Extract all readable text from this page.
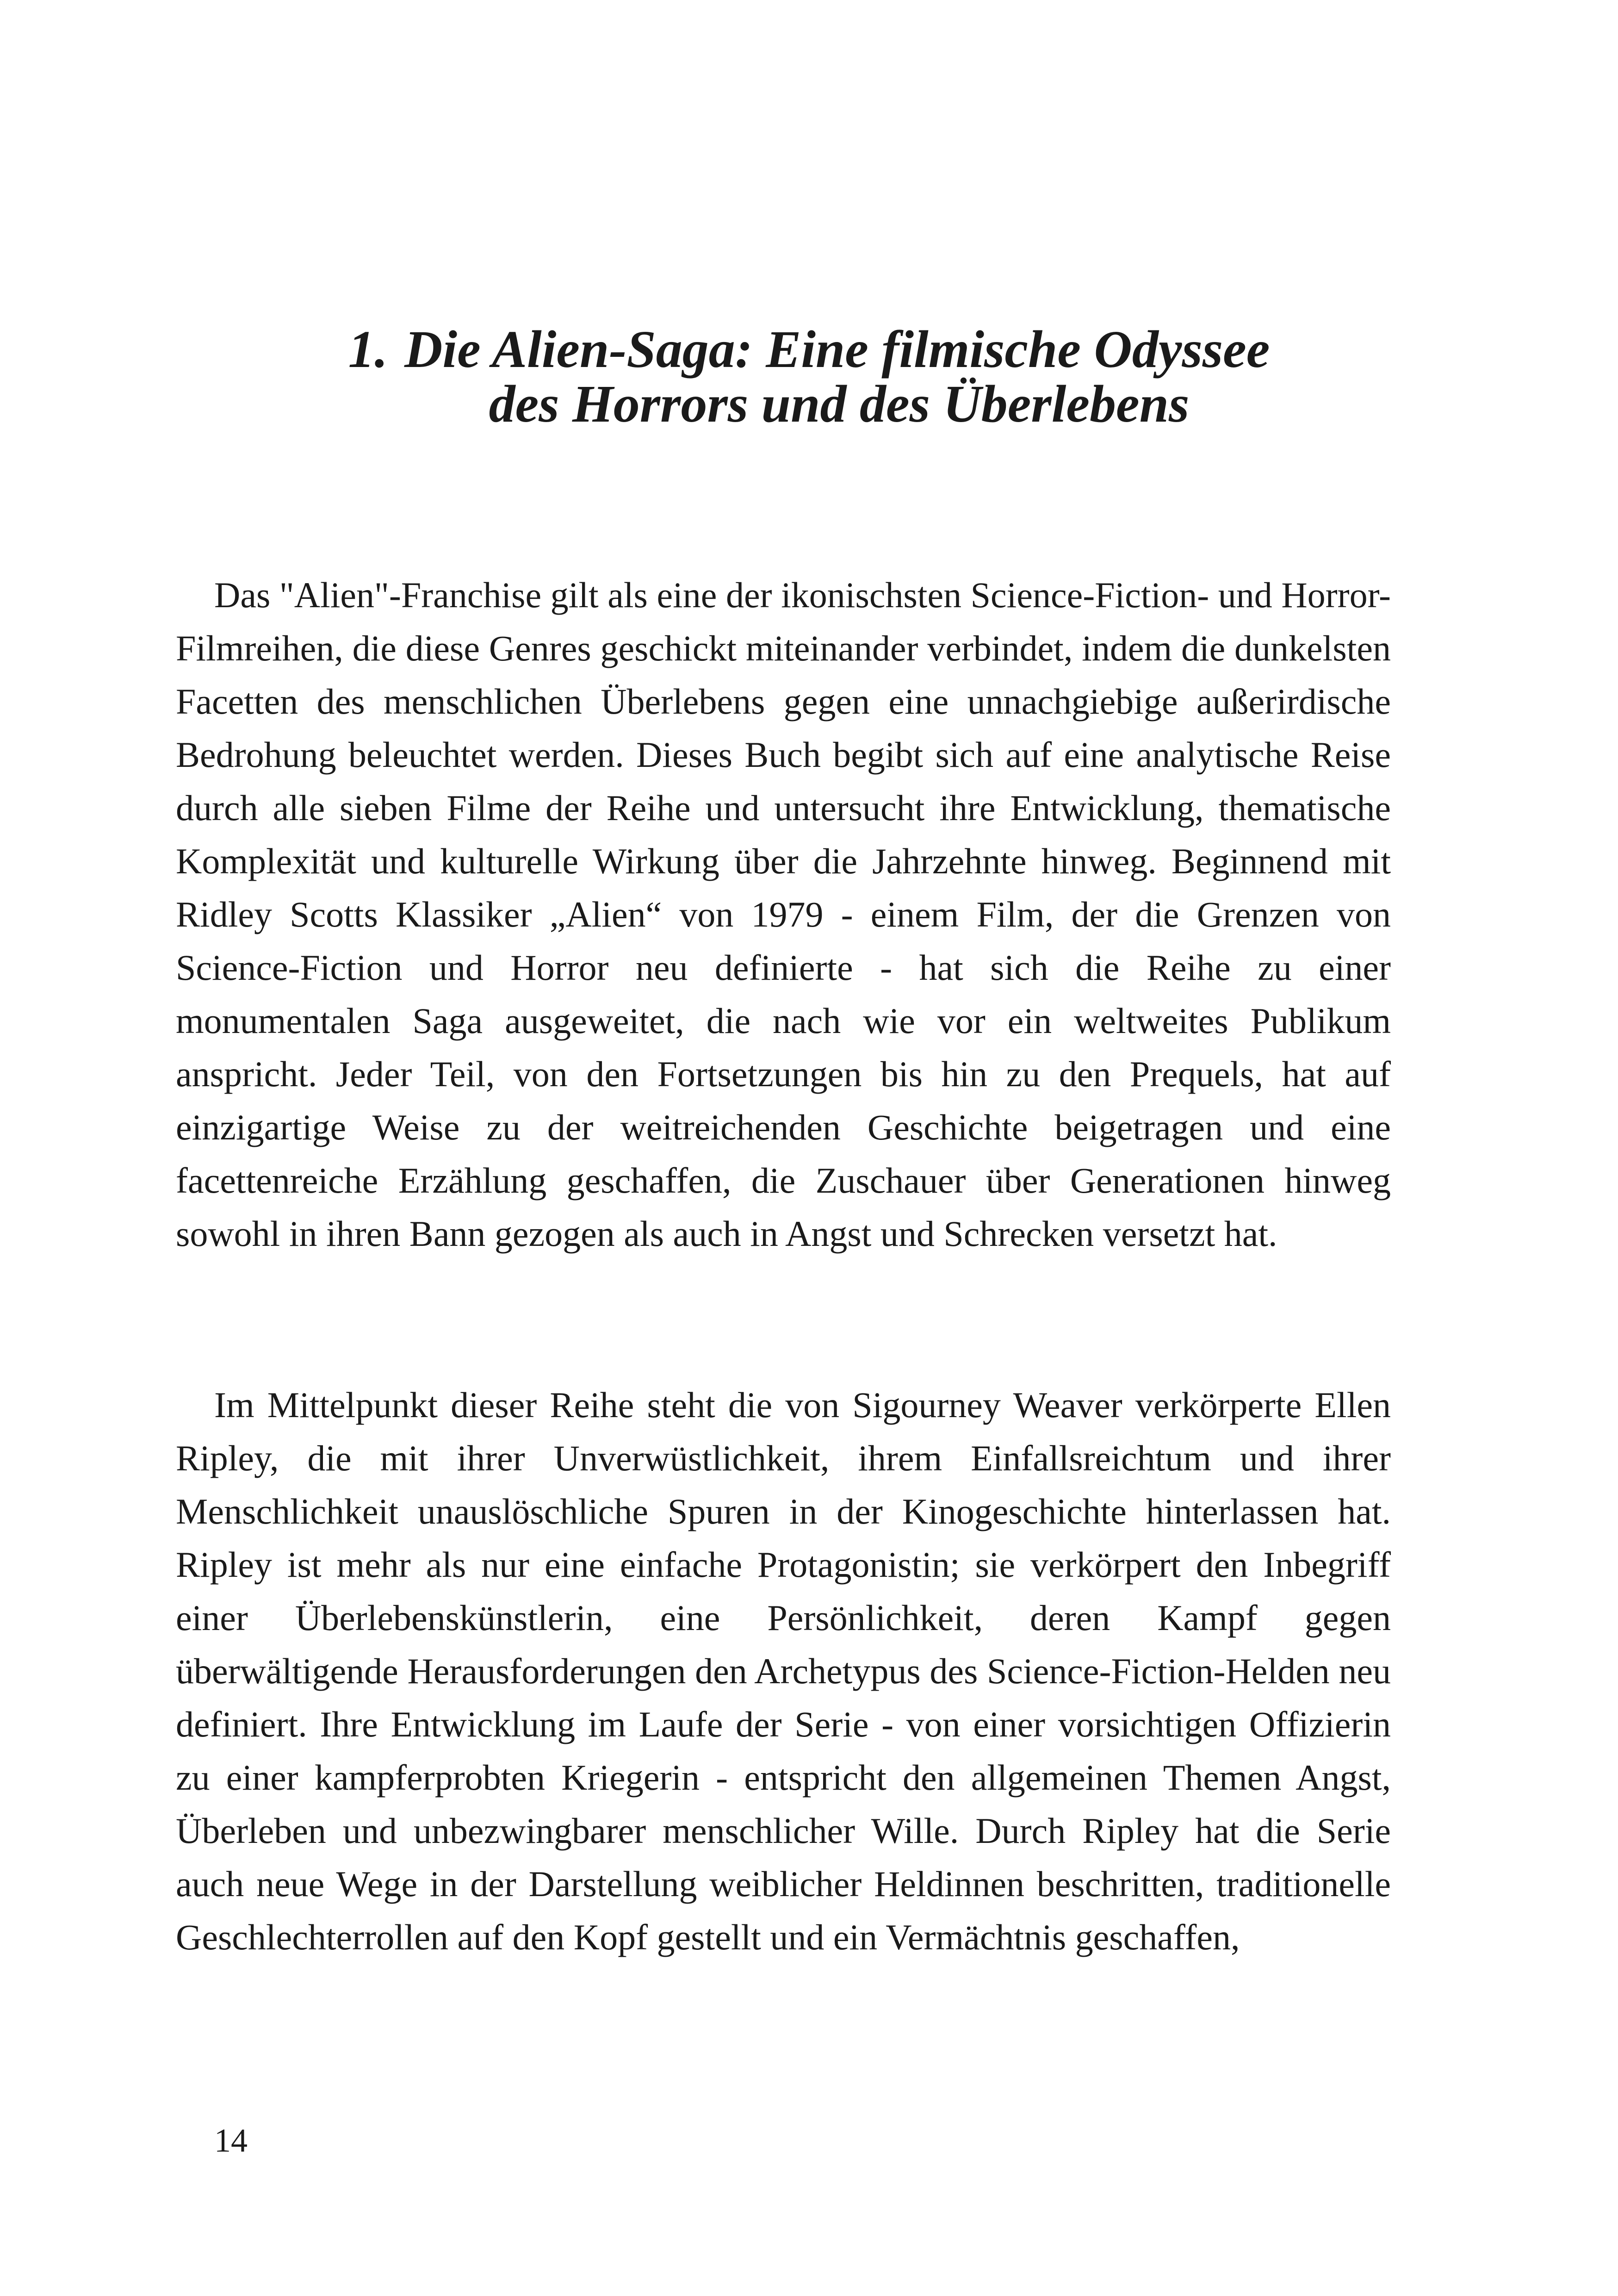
1. Die Alien-Saga: Eine filmische Odyssee
des Horrors und des Überlebens

Das "Alien"-Franchise gilt als eine der ikonischsten Science-Fiction- und Horror- Filmreihen, die diese Genres geschickt miteinander verbindet, indem die dunkelsten Facetten des menschlichen Überlebens gegen eine unnachgiebige außerirdische Bedrohung beleuchtet werden. Dieses Buch begibt sich auf eine analytische Reise durch alle sieben Filme der Reihe und untersucht ihre Entwicklung, thematische Komplexität und kulturelle Wirkung über die Jahrzehnte hinweg. Beginnend mit Ridley Scotts Klassiker „Alien“ von 1979 - einem Film, der die Grenzen von Science-Fiction und Horror neu definierte - hat sich die Reihe zu einer monumentalen Saga ausgeweitet, die nach wie vor ein weltweites Publikum anspricht. Jeder Teil, von den Fortsetzungen bis hin zu den Prequels, hat auf einzigartige Weise zu der weitreichenden Geschichte beigetragen und eine facettenreiche Erzählung geschaffen, die Zuschauer über Generationen hinweg sowohl in ihren Bann gezogen als auch in Angst und Schrecken versetzt hat.

Im Mittelpunkt dieser Reihe steht die von Sigourney Weaver verkörperte Ellen Ripley, die mit ihrer Unverwüstlichkeit, ihrem Einfallsreichtum und ihrer Menschlichkeit unauslöschliche Spuren in der Kinogeschichte hinterlassen hat. Ripley ist mehr als nur eine einfache Protagonistin; sie verkörpert den Inbegriff einer Überlebenskünstlerin, eine Persönlichkeit, deren Kampf gegen überwältigende Herausforderungen den Archetypus des Science-Fiction-Helden neu definiert. Ihre Entwicklung im Laufe der Serie - von einer vorsichtigen Offizierin zu einer kampferprobten Kriegerin - entspricht den allgemeinen Themen Angst, Überleben und unbezwingbarer menschlicher Wille. Durch Ripley hat die Serie auch neue Wege in der Darstellung weiblicher Heldinnen beschritten, traditionelle Geschlechterrollen auf den Kopf gestellt und ein Vermächtnis geschaffen,

14
